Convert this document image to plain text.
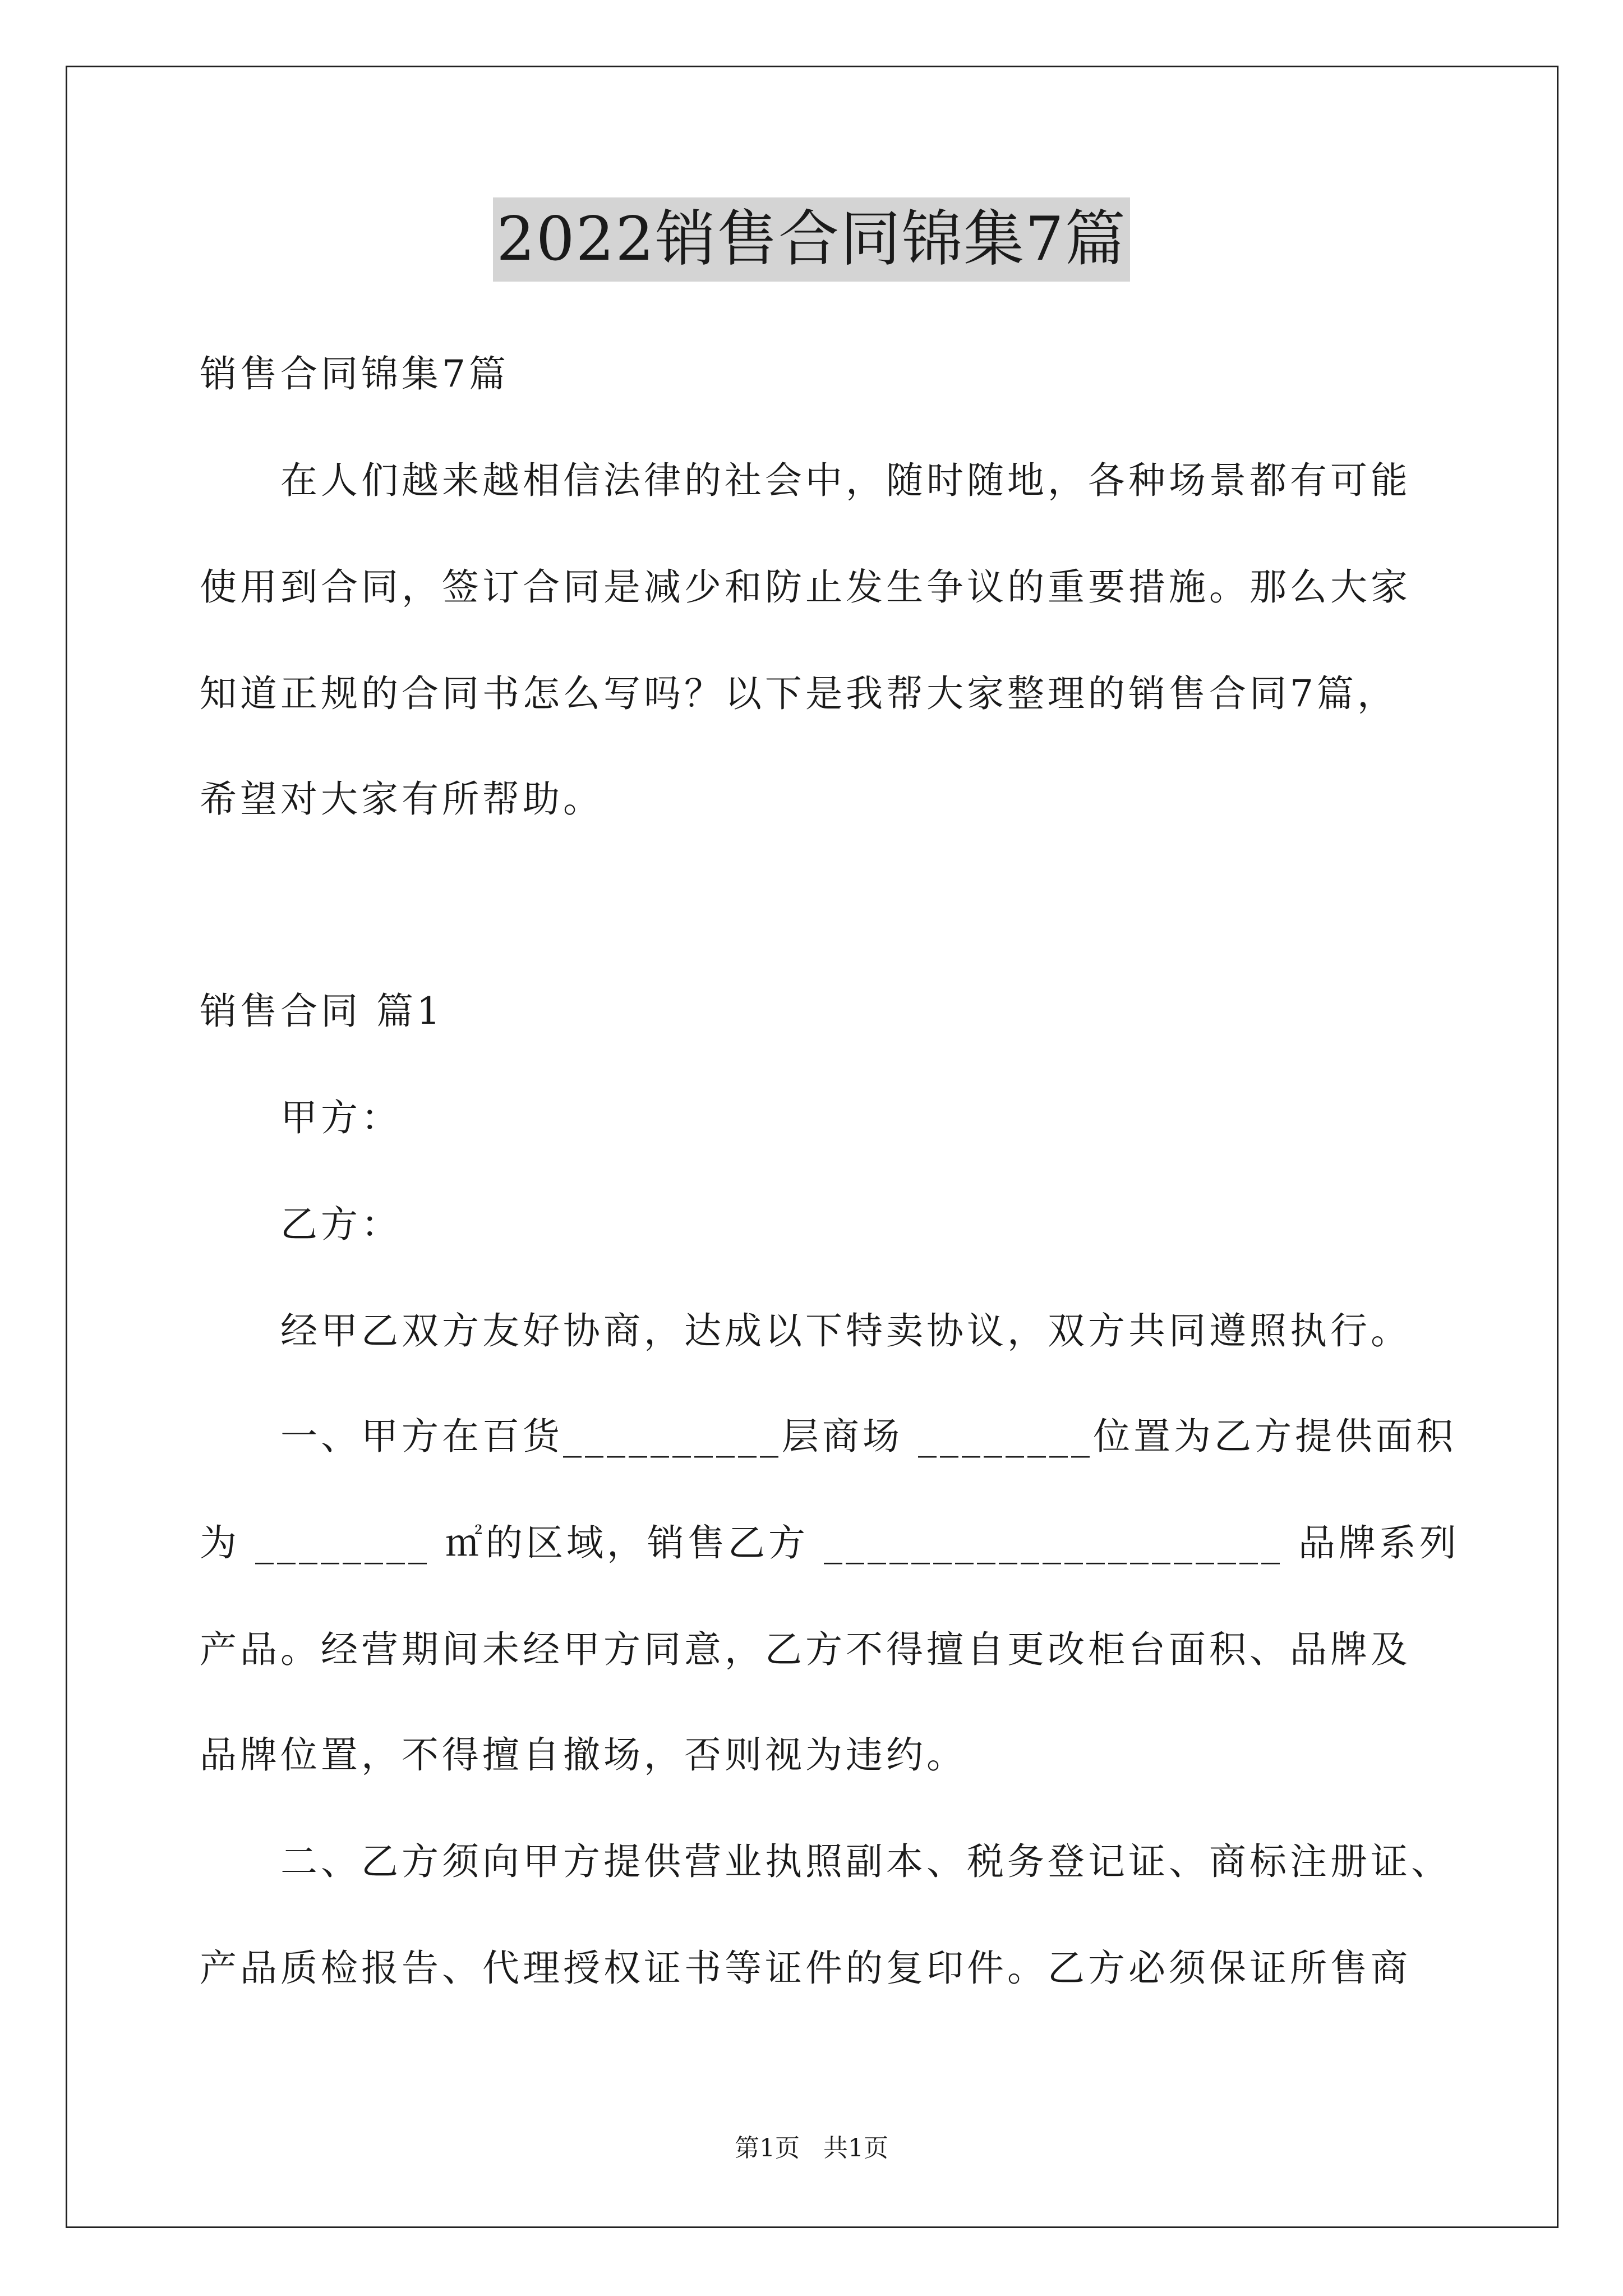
2022销售合同锦集7篇
销售合同锦集7篇
在人们越来越相信法律的社会中，随时随地，各种场景都有可能
使用到合同，签订合同是减少和防止发生争议的重要措施。那么大家
知道正规的合同书怎么写吗？以下是我帮大家整理的销售合同7篇，
希望对大家有所帮助。
销售合同 篇1
甲方：
乙方：
经甲乙双方友好协商，达成以下特卖协议，双方共同遵照执行。
一、甲方在百货__________层商场 ________位置为乙方提供面积
为 ________ ㎡的区域，销售乙方 _____________________ 品牌系列
产品。经营期间未经甲方同意，乙方不得擅自更改柜台面积、品牌及
品牌位置，不得擅自撤场，否则视为违约。
二、乙方须向甲方提供营业执照副本、税务登记证、商标注册证、
产品质检报告、代理授权证书等证件的复印件。乙方必须保证所售商
第1页   共1页
